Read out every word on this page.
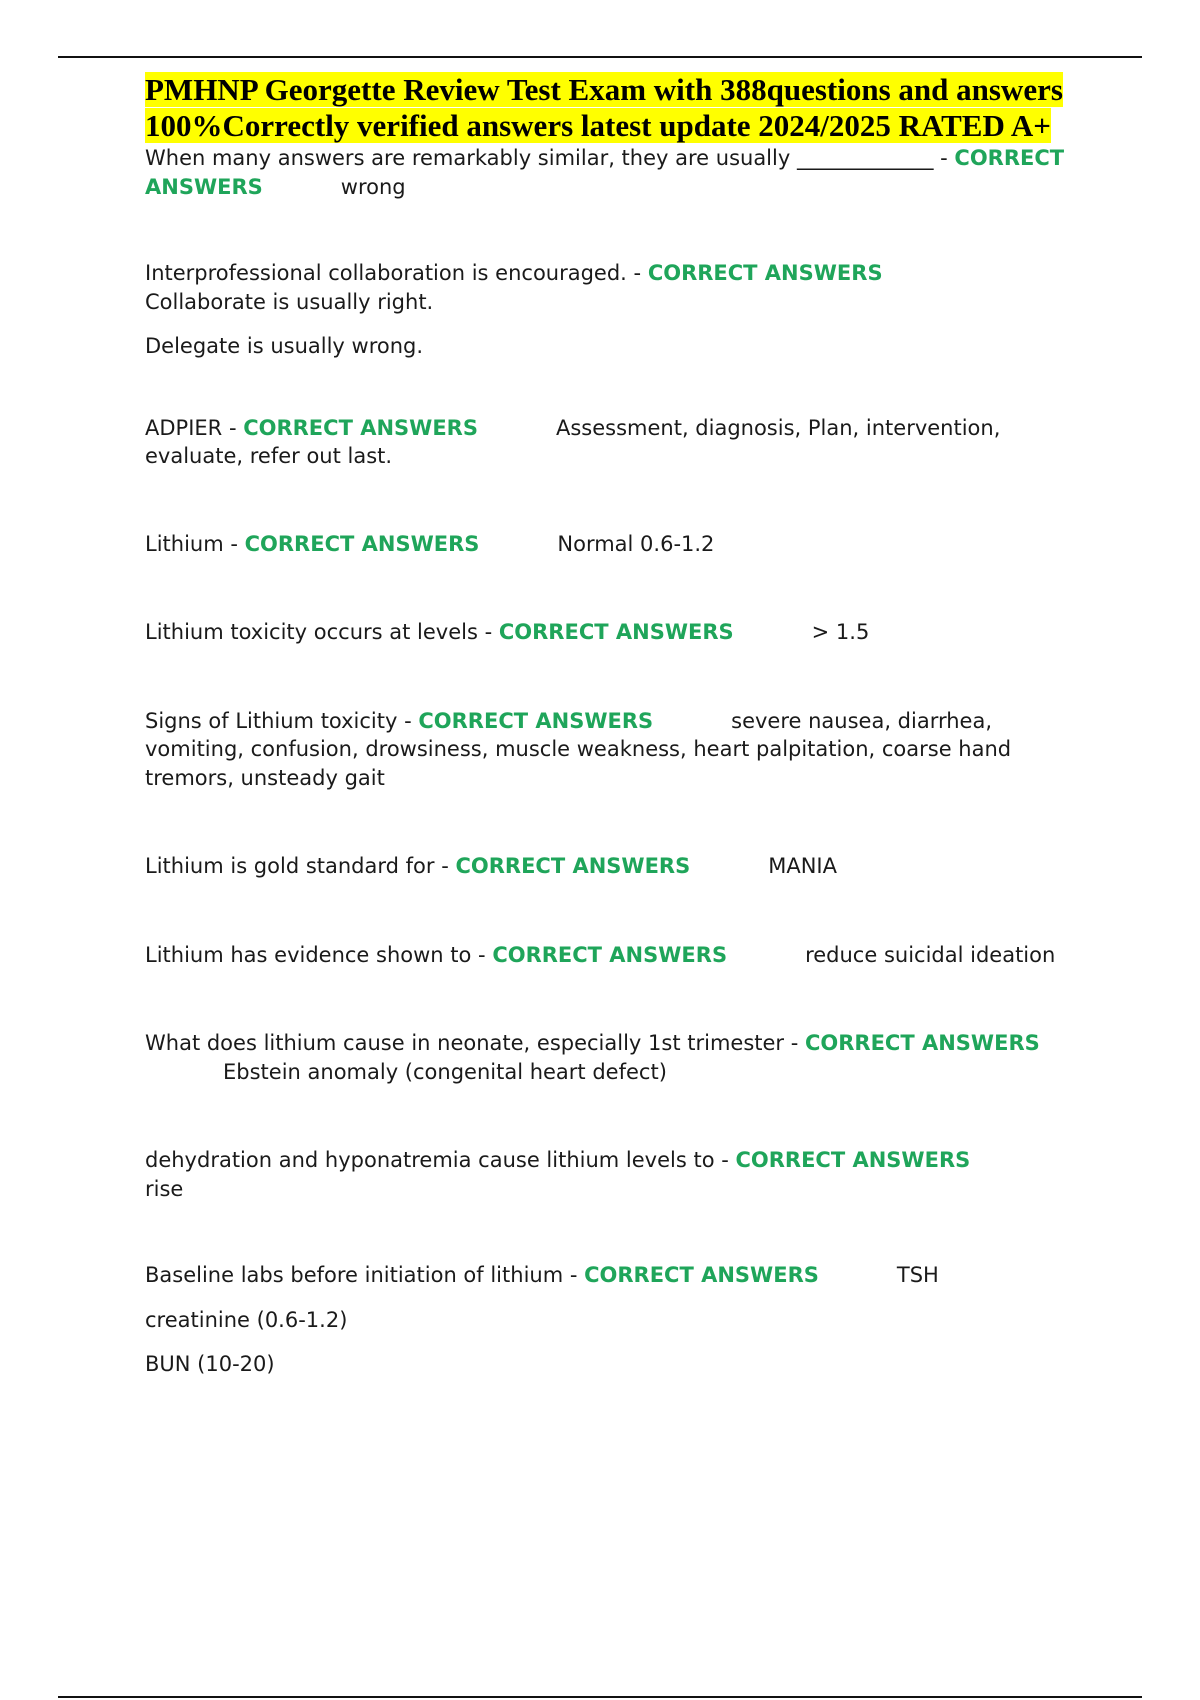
PMHNP Georgette Review Test Exam with 388questions and answers 100%Correctly verified answers latest update 2024/2025 RATED A+

When many answers are remarkably similar, they are usually _____________ - CORRECT ANSWERS	wrong

Interprofessional collaboration is encouraged. - CORRECT ANSWERS
Collaborate is usually right.

Delegate is usually wrong.

ADPIER - CORRECT ANSWERS	Assessment, diagnosis, Plan, intervention, evaluate, refer out last.

Lithium - CORRECT ANSWERS	Normal 0.6-1.2

Lithium toxicity occurs at levels - CORRECT ANSWERS	> 1.5

Signs of Lithium toxicity - CORRECT ANSWERS	severe nausea, diarrhea, vomiting, confusion, drowsiness, muscle weakness, heart palpitation, coarse hand tremors, unsteady gait

Lithium is gold standard for - CORRECT ANSWERS	MANIA

Lithium has evidence shown to - CORRECT ANSWERS	reduce suicidal ideation

What does lithium cause in neonate, especially 1st trimester - CORRECT ANSWERSEbstein anomaly (congenital heart defect)

dehydration and hyponatremia cause lithium levels to - CORRECT ANSWERS
rise

Baseline labs before initiation of lithium - CORRECT ANSWERS	TSH

creatinine (0.6-1.2)

BUN (10-20)
